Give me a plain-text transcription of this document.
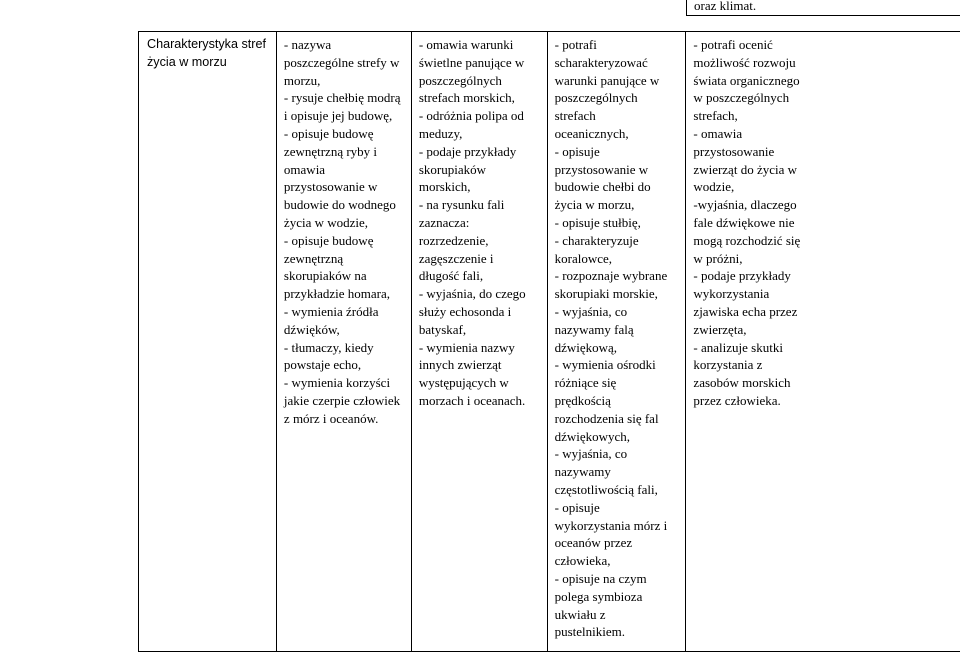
oraz klimat.
Charakterystyka stref
życia w morzu

- nazywa
poszczególne strefy w
morzu,
- rysuje chełbię modrą
i opisuje jej budowę,
- opisuje budowę
zewnętrzną ryby i
omawia
przystosowanie w
budowie do wodnego
życia w wodzie,
- opisuje budowę
zewnętrzną
skorupiaków na
przykładzie homara,
- wymienia źródła
dźwięków,
- tłumaczy, kiedy
powstaje echo,
- wymienia korzyści
jakie czerpie człowiek
z mórz i oceanów.

- omawia warunki
świetlne panujące w
poszczególnych
strefach morskich,
- odróżnia polipa od
meduzy,
- podaje przykłady
skorupiaków
morskich,
- na rysunku fali
zaznacza:
rozrzedzenie,
zagęszczenie i
długość fali,
- wyjaśnia, do czego
służy echosonda i
batyskaf,
- wymienia nazwy
innych zwierząt
występujących w
morzach i oceanach.

- potrafi
scharakteryzować
warunki panujące w
poszczególnych
strefach
oceanicznych,
- opisuje
przystosowanie w
budowie chełbi do
życia w morzu,
- opisuje stułbię,
- charakteryzuje
koralowce,
- rozpoznaje wybrane
skorupiaki morskie,
- wyjaśnia, co
nazywamy falą
dźwiękową,
- wymienia ośrodki
różniące się
prędkością
rozchodzenia się fal
dźwiękowych,
- wyjaśnia, co
nazywamy
częstotliwością fali,
- opisuje
wykorzystania mórz i
oceanów przez
człowieka,
- opisuje na czym
polega symbioza
ukwiału z
pustelnikiem.

- potrafi ocenić
możliwość rozwoju
świata organicznego
w poszczególnych
strefach,
- omawia
przystosowanie
zwierząt do życia w
wodzie,
-wyjaśnia, dlaczego
fale dźwiękowe nie
mogą rozchodzić się
w próżni,
- podaje przykłady
wykorzystania
zjawiska echa przez
zwierzęta,
- analizuje skutki
korzystania z
zasobów morskich
przez człowieka.
